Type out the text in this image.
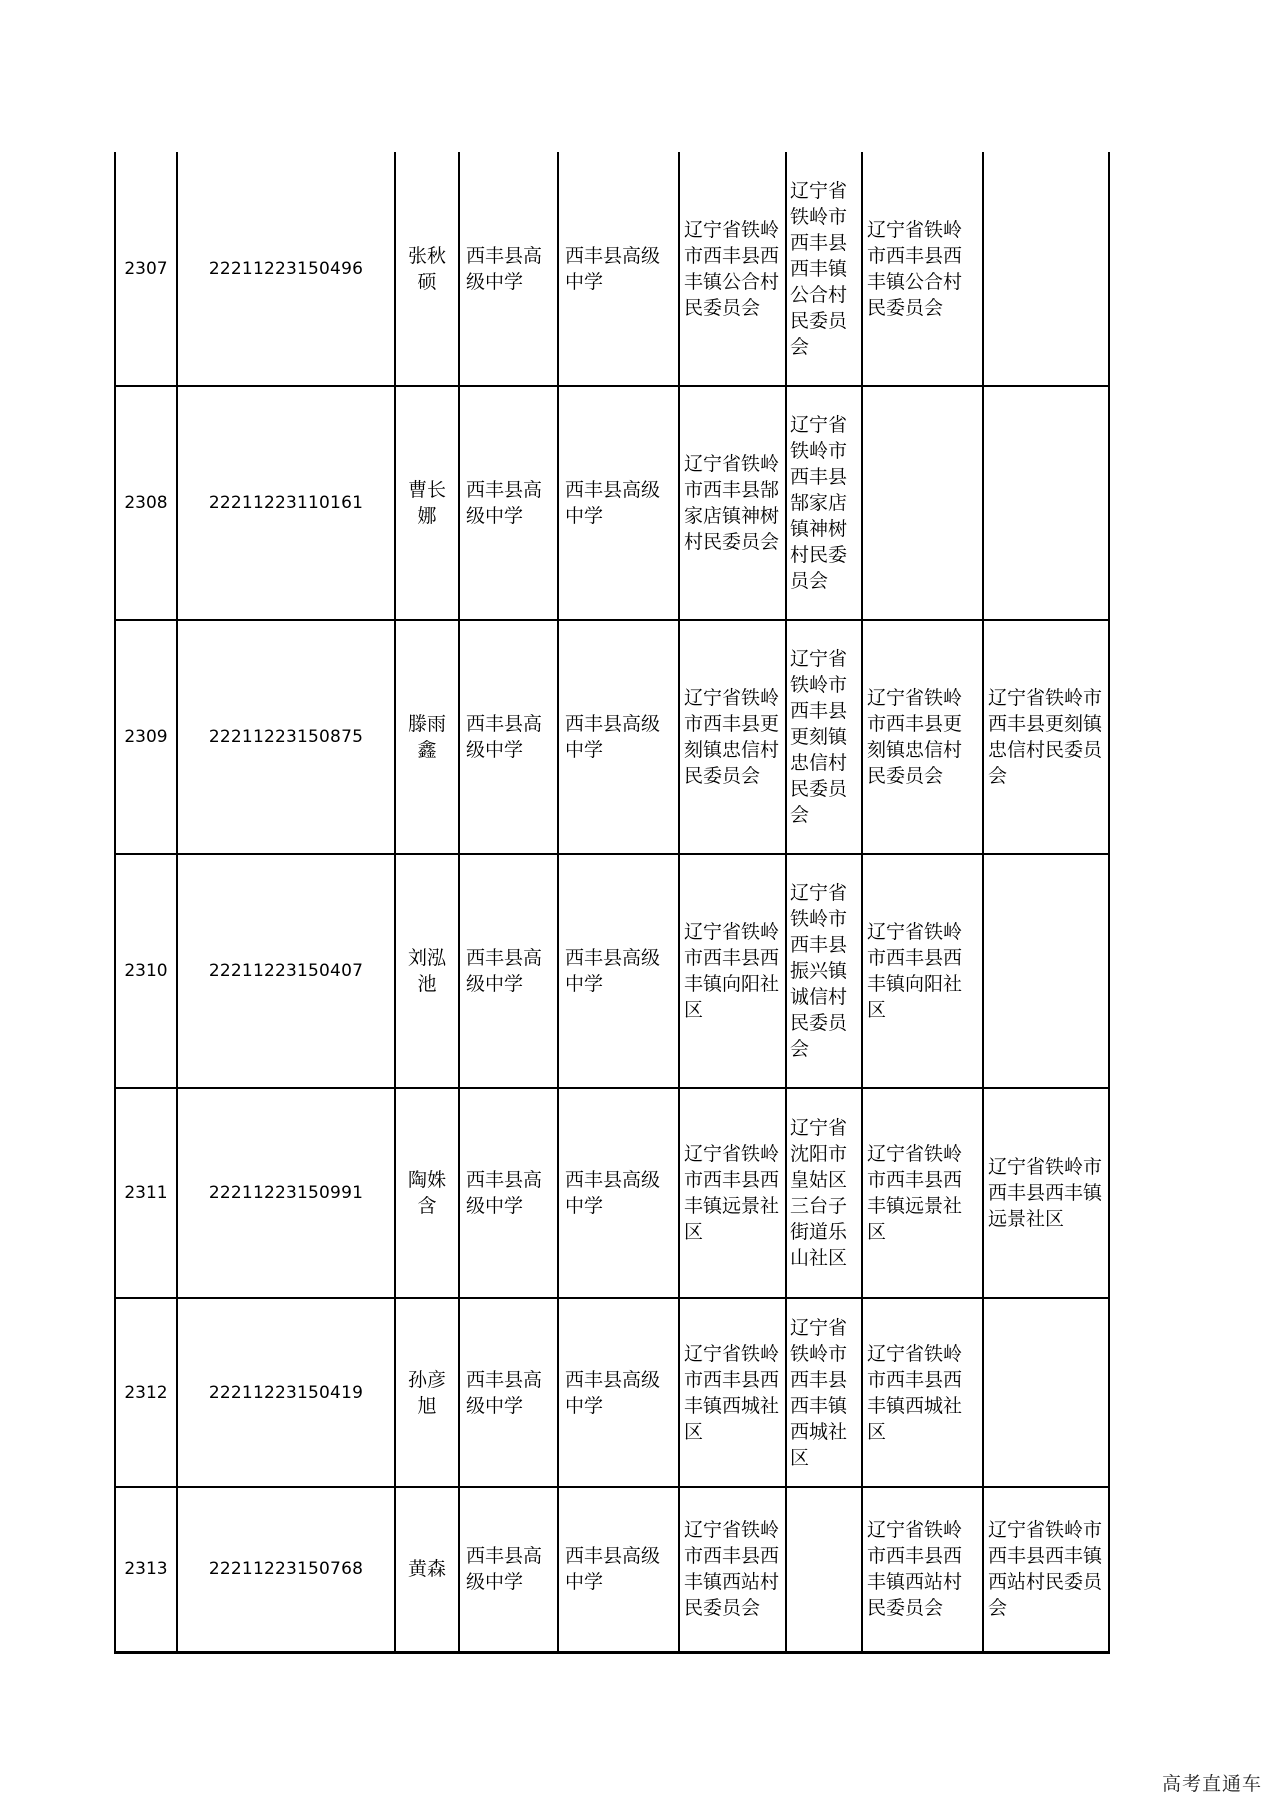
2307	22211223150496	张秋硕	西丰县高级中学	西丰县高级中学	辽宁省铁岭市西丰县西丰镇公合村民委员会	辽宁省铁岭市西丰县西丰镇公合村民委员会	辽宁省铁岭市西丰县西丰镇公合村民委员会	
2308	22211223110161	曹长娜	西丰县高级中学	西丰县高级中学	辽宁省铁岭市西丰县郜家店镇神树村民委员会	辽宁省铁岭市西丰县郜家店镇神树村民委员会		
2309	22211223150875	滕雨鑫	西丰县高级中学	西丰县高级中学	辽宁省铁岭市西丰县更刻镇忠信村民委员会	辽宁省铁岭市西丰县更刻镇忠信村民委员会	辽宁省铁岭市西丰县更刻镇忠信村民委员会	辽宁省铁岭市西丰县更刻镇忠信村民委员会
2310	22211223150407	刘泓池	西丰县高级中学	西丰县高级中学	辽宁省铁岭市西丰县西丰镇向阳社区	辽宁省铁岭市西丰县振兴镇诚信村民委员会	辽宁省铁岭市西丰县西丰镇向阳社区	
2311	22211223150991	陶姝含	西丰县高级中学	西丰县高级中学	辽宁省铁岭市西丰县西丰镇远景社区	辽宁省沈阳市皇姑区三台子街道乐山社区	辽宁省铁岭市西丰县西丰镇远景社区	辽宁省铁岭市西丰县西丰镇远景社区
2312	22211223150419	孙彦旭	西丰县高级中学	西丰县高级中学	辽宁省铁岭市西丰县西丰镇西城社区	辽宁省铁岭市西丰县西丰镇西城社区	辽宁省铁岭市西丰县西丰镇西城社区	
2313	22211223150768	黄森	西丰县高级中学	西丰县高级中学	辽宁省铁岭市西丰县西丰镇西站村民委员会		辽宁省铁岭市西丰县西丰镇西站村民委员会	辽宁省铁岭市西丰县西丰镇西站村民委员会
高考直通车
